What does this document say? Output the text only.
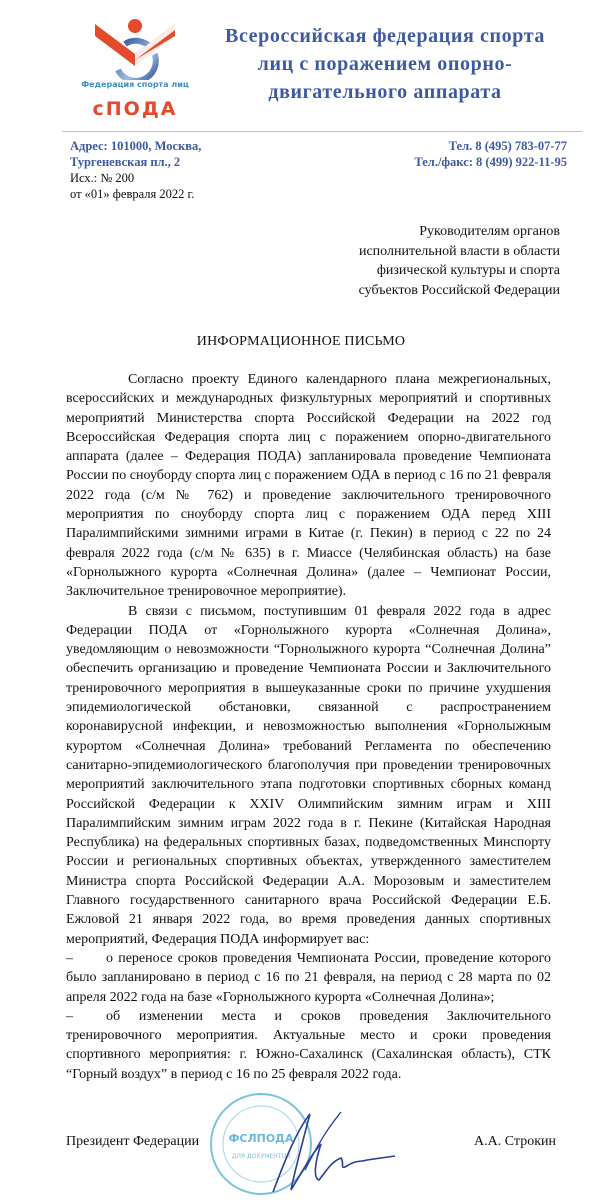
Федерация спорта лиц
сПОДА
Всероссийская федерация спорта
лиц с поражением опорно-
двигательного аппарата
Адрес: 101000, Москва,
Тургеневская пл., 2
Тел. 8 (495) 783-07-77
Тел./факс: 8 (499) 922-11-95
Исх.: № 200
от «01» февраля 2022 г.
Руководителям органов
исполнительной власти в области
физической культуры и спорта
субъектов Российской Федерации
ИНФОРМАЦИОННОЕ ПИСЬМО

Согласно проекту Единого календарного плана межрегиональных, всероссийских и международных физкультурных мероприятий и спортивных мероприятий Министерства спорта Российской Федерации на 2022 год Всероссийская Федерация спорта лиц с поражением опорно-двигательного аппарата (далее – Федерация ПОДА) запланировала проведение Чемпионата России по сноуборду спорта лиц с поражением ОДА в период с 16 по 21 февраля 2022 года (с/м № 762) и проведение заключительного тренировочного мероприятия по сноуборду спорта лиц с поражением ОДА перед XIII Паралимпийскими зимними играми в Китае (г. Пекин) в период с 22 по 24 февраля 2022 года (с/м № 635) в г. Миассе (Челябинская область) на базе «Горнолыжного курорта «Солнечная Долина» (далее – Чемпионат России, Заключительное тренировочное мероприятие).

В связи с письмом, поступившим 01 февраля 2022 года в адрес Федерации ПОДА от «Горнолыжного курорта «Солнечная Долина», уведомляющим о невозможности “Горнолыжного курорта “Солнечная Долина” обеспечить организацию и проведение Чемпионата России и Заключительного тренировочного мероприятия в вышеуказанные сроки по причине ухудшения эпидемиологической обстановки, связанной с распространением коронавирусной инфекции, и невозможностью выполнения «Горнолыжным курортом «Солнечная Долина» требований Регламента по обеспечению санитарно-эпидемиологического благополучия при проведении тренировочных мероприятий заключительного этапа подготовки спортивных сборных команд Российской Федерации к XXIV Олимпийским зимним играм и XIII Паралимпийским зимним играм 2022 года в г. Пекине (Китайская Народная Республика) на федеральных спортивных базах, подведомственных Минспорту России и региональных спортивных объектах, утвержденного заместителем Министра спорта Российской Федерации А.А. Морозовым и заместителем Главного государственного санитарного врача Российской Федерации Е.Б. Ежловой 21 января 2022 года, во время проведения данных спортивных мероприятий, Федерация ПОДА информирует вас:

– о переносе сроков проведения Чемпионата России, проведение которого было запланировано в период с 16 по 21 февраля, на период с 28 марта по 02 апреля 2022 года на базе «Горнолыжного курорта «Солнечная Долина»;

– об изменении места и сроков проведения Заключительного тренировочного мероприятия. Актуальные место и сроки проведения спортивного мероприятия: г. Южно-Сахалинск (Сахалинская область), СТК “Горный воздух” в период с 16 по 25 февраля 2022 года.

ФСЛПОДА
ДЛЯ ДОКУМЕНТОВ
Президент Федерации	А.А. Строкин
